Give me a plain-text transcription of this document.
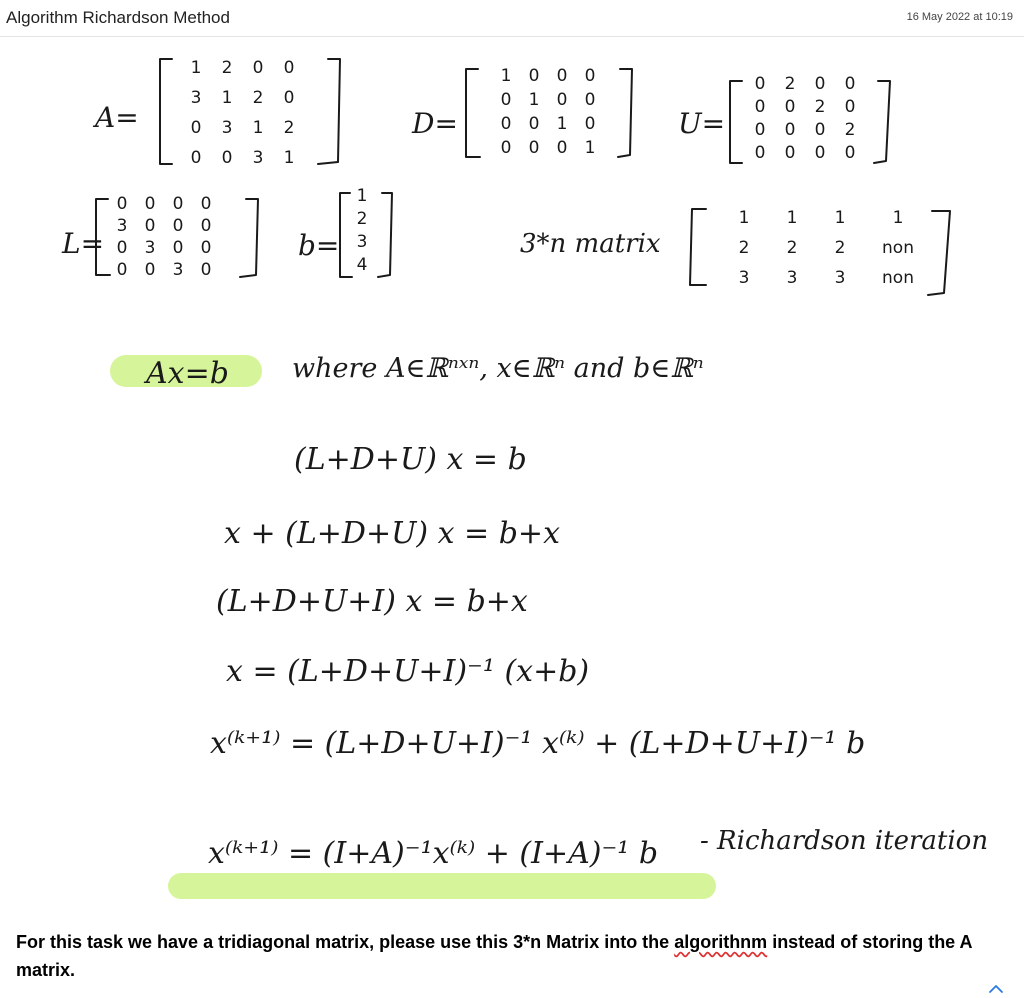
Algorithm Richardson Method	16 May 2022 at 10:19
A=
1 2 0 0
3 1 2 0
0 3 1 2
0 0 3 1
D=
1 0 0 0
0 1 0 0
0 0 1 0
0 0 0 1
U=
0 2 0 0
0 0 2 0
0 0 0 2
0 0 0 0
L=
0 0 0 0
3 0 0 0
0 3 0 0
0 0 3 0
b=
1
2
3
4
3*n matrix
1 1 1	1
2 2 2 non
3 3 3 non
Ax=b where A∈ℝⁿˣⁿ, x∈ℝⁿ and b∈ℝⁿ
(L+D+U) x = b
x + (L+D+U) x = b+x
(L+D+U+I) x = b+x
x = (L+D+U+I)⁻¹ (x+b)
x⁽ᵏ⁺¹⁾ = (L+D+U+I)⁻¹ x⁽ᵏ⁾ + (L+D+U+I)⁻¹ b
x⁽ᵏ⁺¹⁾ = (I+A)⁻¹x⁽ᵏ⁾ + (I+A)⁻¹ b - Richardson iteration
For this task we have a tridiagonal matrix, please use this 3*n Matrix into the algorithnm instead of storing the A matrix.
